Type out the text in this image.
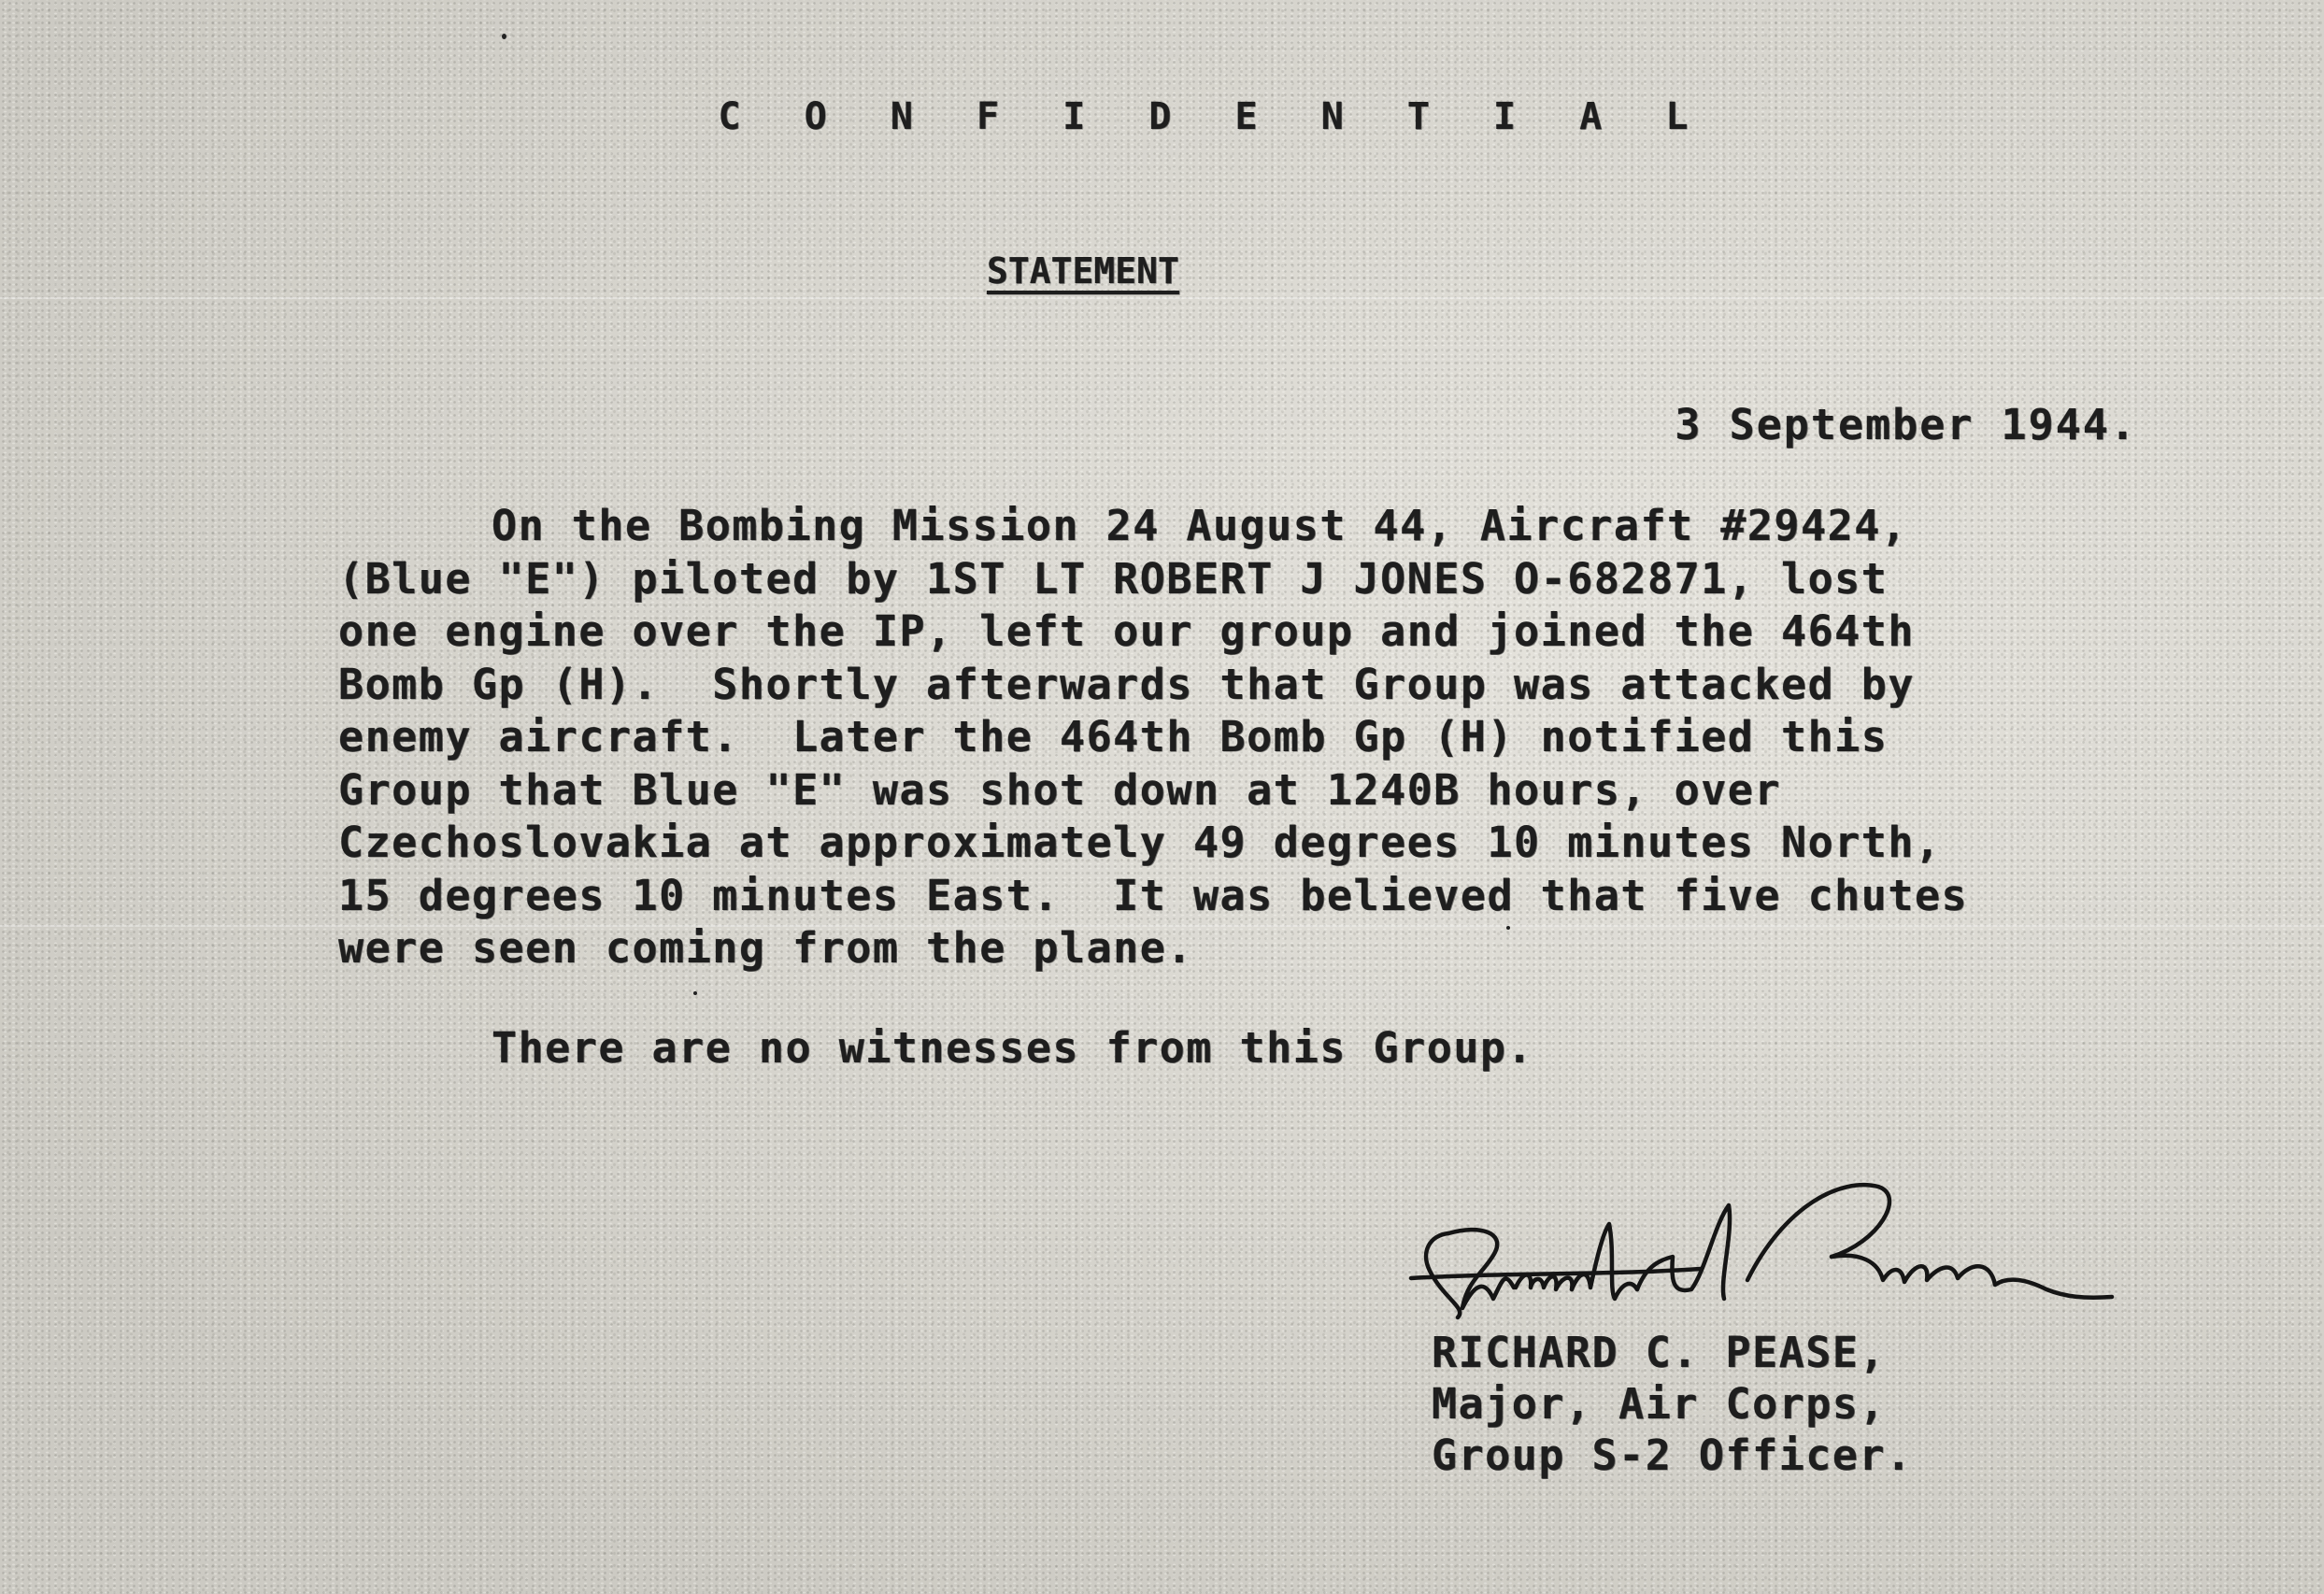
C O N F I D E N T I A L
STATEMENT
3 September 1944.
On the Bombing Mission 24 August 44, Aircraft #29424,
(Blue "E") piloted by 1ST LT ROBERT J JONES O-682871, lost
one engine over the IP, left our group and joined the 464th
Bomb Gp (H).  Shortly afterwards that Group was attacked by
enemy aircraft.  Later the 464th Bomb Gp (H) notified this
Group that Blue "E" was shot down at 1240B hours, over
Czechoslovakia at approximately 49 degrees 10 minutes North,
15 degrees 10 minutes East.  It was believed that five chutes
were seen coming from the plane.
There are no witnesses from this Group.
RICHARD C. PEASE,
Major, Air Corps,
Group S-2 Officer.
